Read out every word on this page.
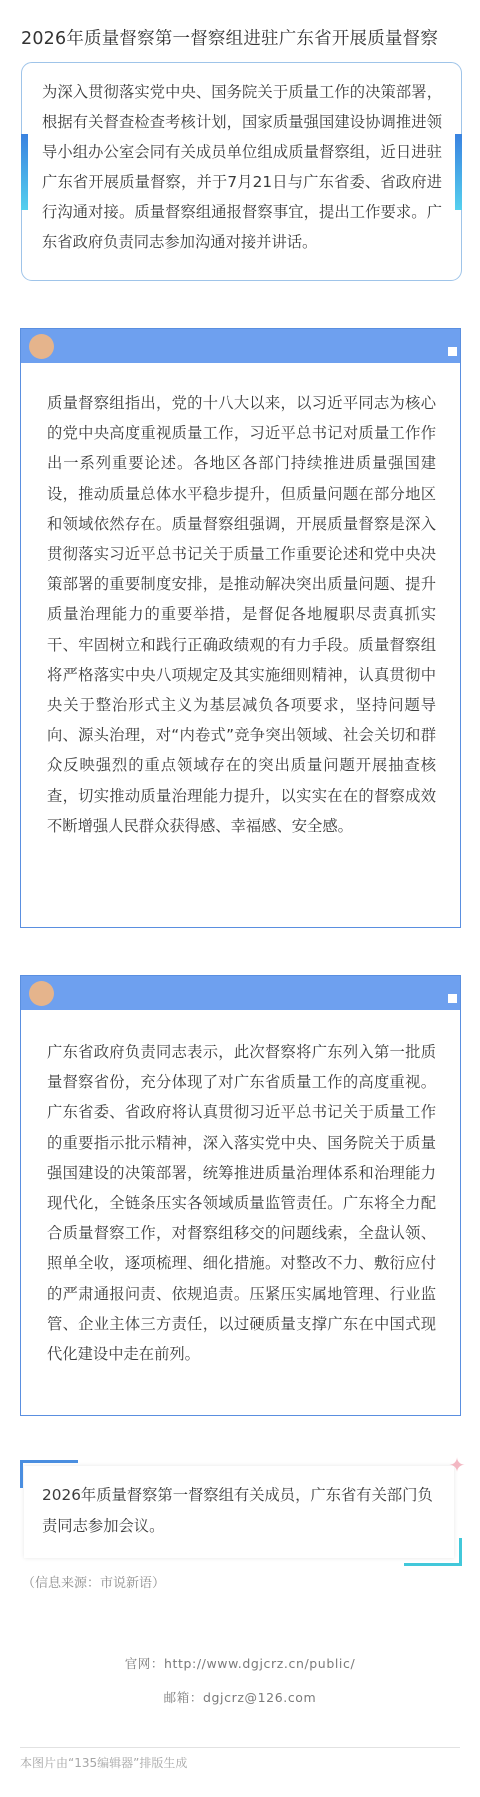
2026年质量督察第一督察组进驻广东省开展质量督察

为深入贯彻落实党中央、国务院关于质量工作的决策部署，根据有关督查检查考核计划，国家质量强国建设协调推进领导小组办公室会同有关成员单位组成质量督察组，近日进驻广东省开展质量督察，并于7月21日与广东省委、省政府进行沟通对接。质量督察组通报督察事宜，提出工作要求。广东省政府负责同志参加沟通对接并讲话。

质量督察组指出，党的十八大以来，以习近平同志为核心的党中央高度重视质量工作，习近平总书记对质量工作作出一系列重要论述。各地区各部门持续推进质量强国建设，推动质量总体水平稳步提升，但质量问题在部分地区和领域依然存在。质量督察组强调，开展质量督察是深入贯彻落实习近平总书记关于质量工作重要论述和党中央决策部署的重要制度安排，是推动解决突出质量问题、提升质量治理能力的重要举措，是督促各地履职尽责真抓实干、牢固树立和践行正确政绩观的有力手段。质量督察组将严格落实中央八项规定及其实施细则精神，认真贯彻中央关于整治形式主义为基层减负各项要求，坚持问题导向、源头治理，对“内卷式”竞争突出领域、社会关切和群众反映强烈的重点领域存在的突出质量问题开展抽查核查，切实推动质量治理能力提升，以实实在在的督察成效不断增强人民群众获得感、幸福感、安全感。

广东省政府负责同志表示，此次督察将广东列入第一批质量督察省份，充分体现了对广东省质量工作的高度重视。广东省委、省政府将认真贯彻习近平总书记关于质量工作的重要指示批示精神，深入落实党中央、国务院关于质量强国建设的决策部署，统筹推进质量治理体系和治理能力现代化，全链条压实各领域质量监管责任。广东将全力配合质量督察工作，对督察组移交的问题线索，全盘认领、照单全收，逐项梳理、细化措施。对整改不力、敷衍应付的严肃通报问责、依规追责。压紧压实属地管理、行业监管、企业主体三方责任，以过硬质量支撑广东在中国式现代化建设中走在前列。

✦

2026年质量督察第一督察组有关成员，广东省有关部门负责同志参加会议。

（信息来源：市说新语）
官网：http://www.dgjcrz.cn/public/
邮箱：dgjcrz@126.com
本图片由“135编辑器”排版生成
